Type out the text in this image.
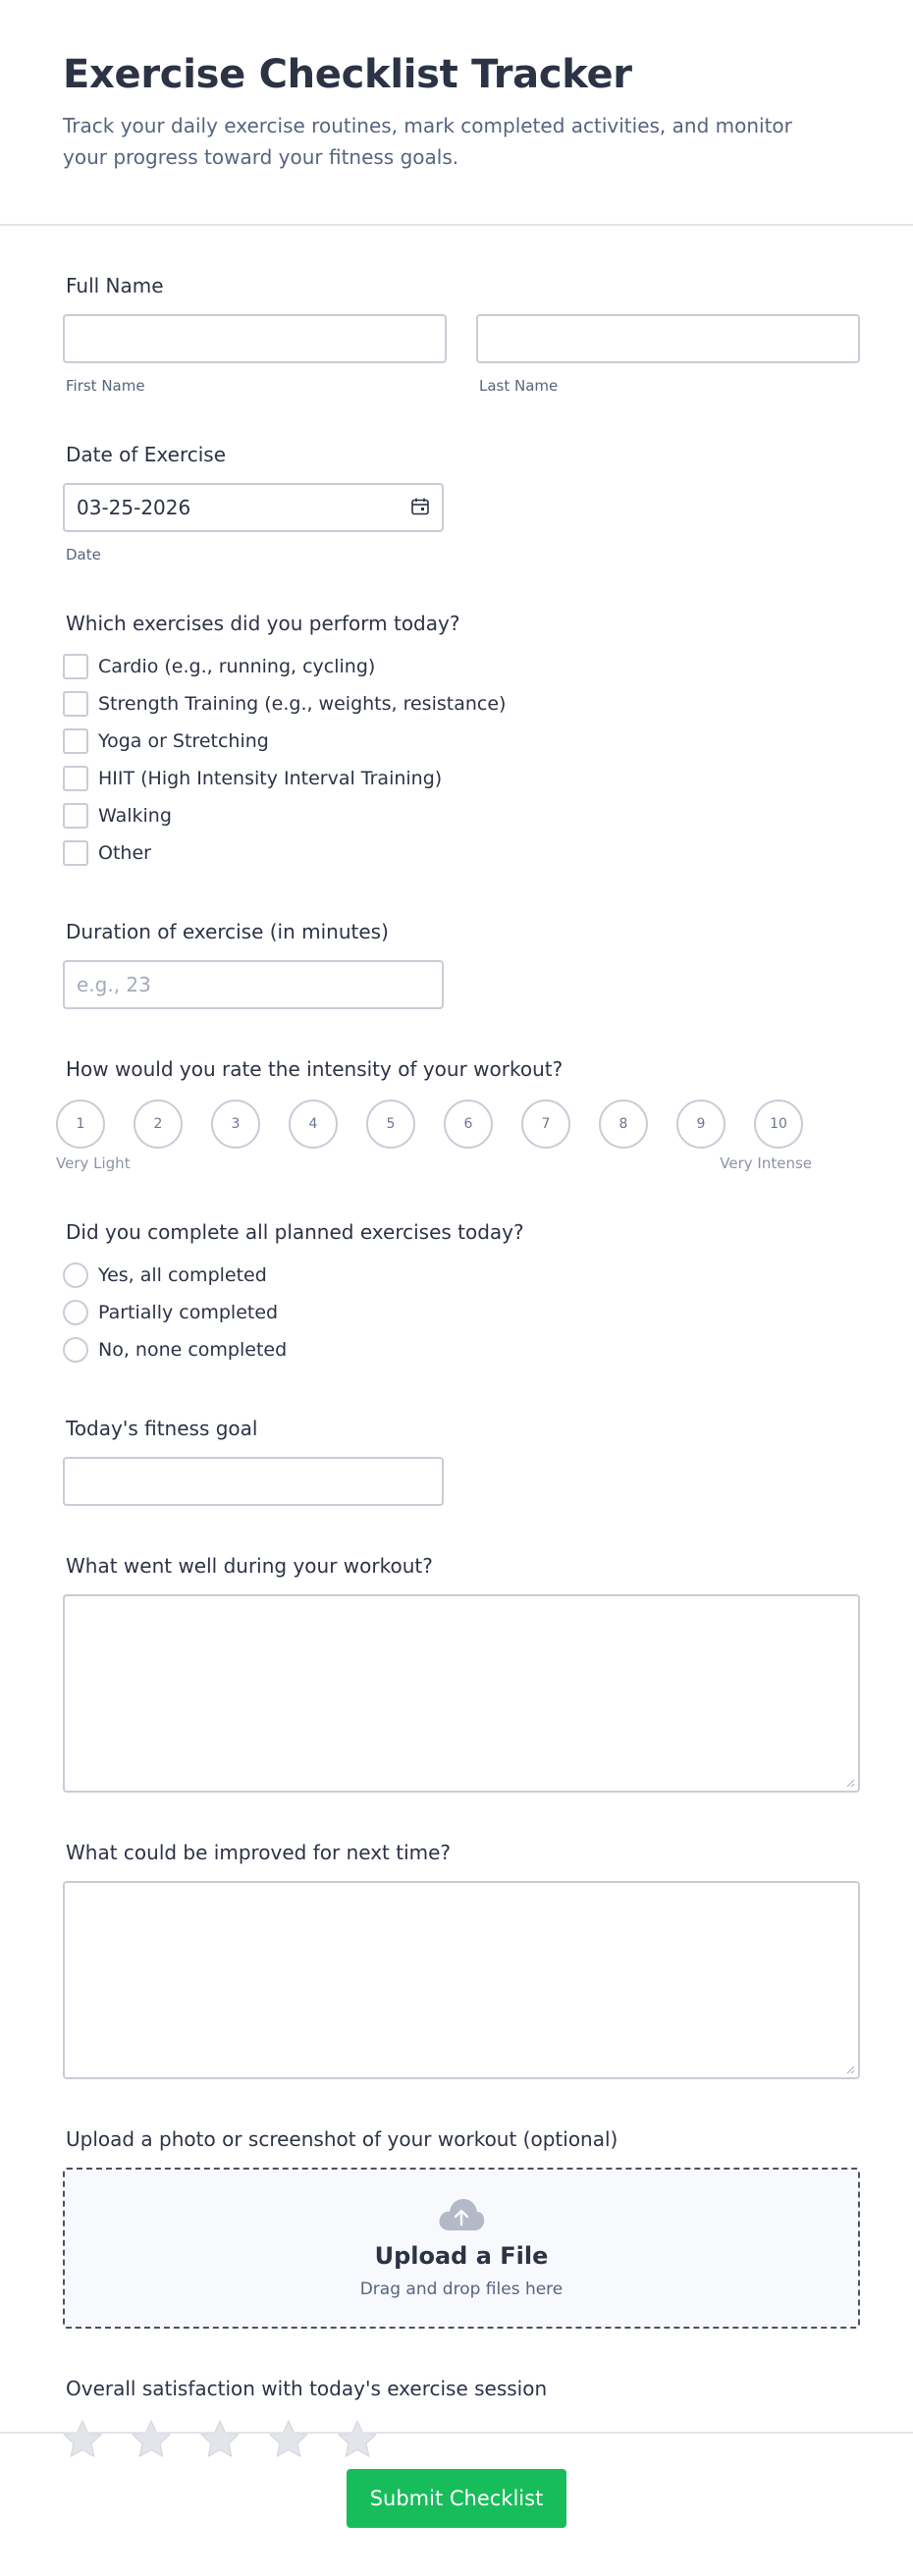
Exercise Checklist Tracker

Track your daily exercise routines, mark completed activities, and monitor your progress toward your fitness goals.

Full Name
First Name	Last Name
Date of Exercise
03-25-2026
Date
Which exercises did you perform today?
Cardio (e.g., running, cycling)
Strength Training (e.g., weights, resistance)
Yoga or Stretching
HIIT (High Intensity Interval Training)
Walking
Other
Duration of exercise (in minutes)
e.g., 23
How would you rate the intensity of your workout?
1	2	3	4	5	6	7	8	9	10
Very Light	Very Intense
Did you complete all planned exercises today?
Yes, all completed
Partially completed
No, none completed
Today's fitness goal
What went well during your workout?
What could be improved for next time?
Upload a photo or screenshot of your workout (optional)
Upload a File
Drag and drop files here
Overall satisfaction with today's exercise session
Submit Checklist
